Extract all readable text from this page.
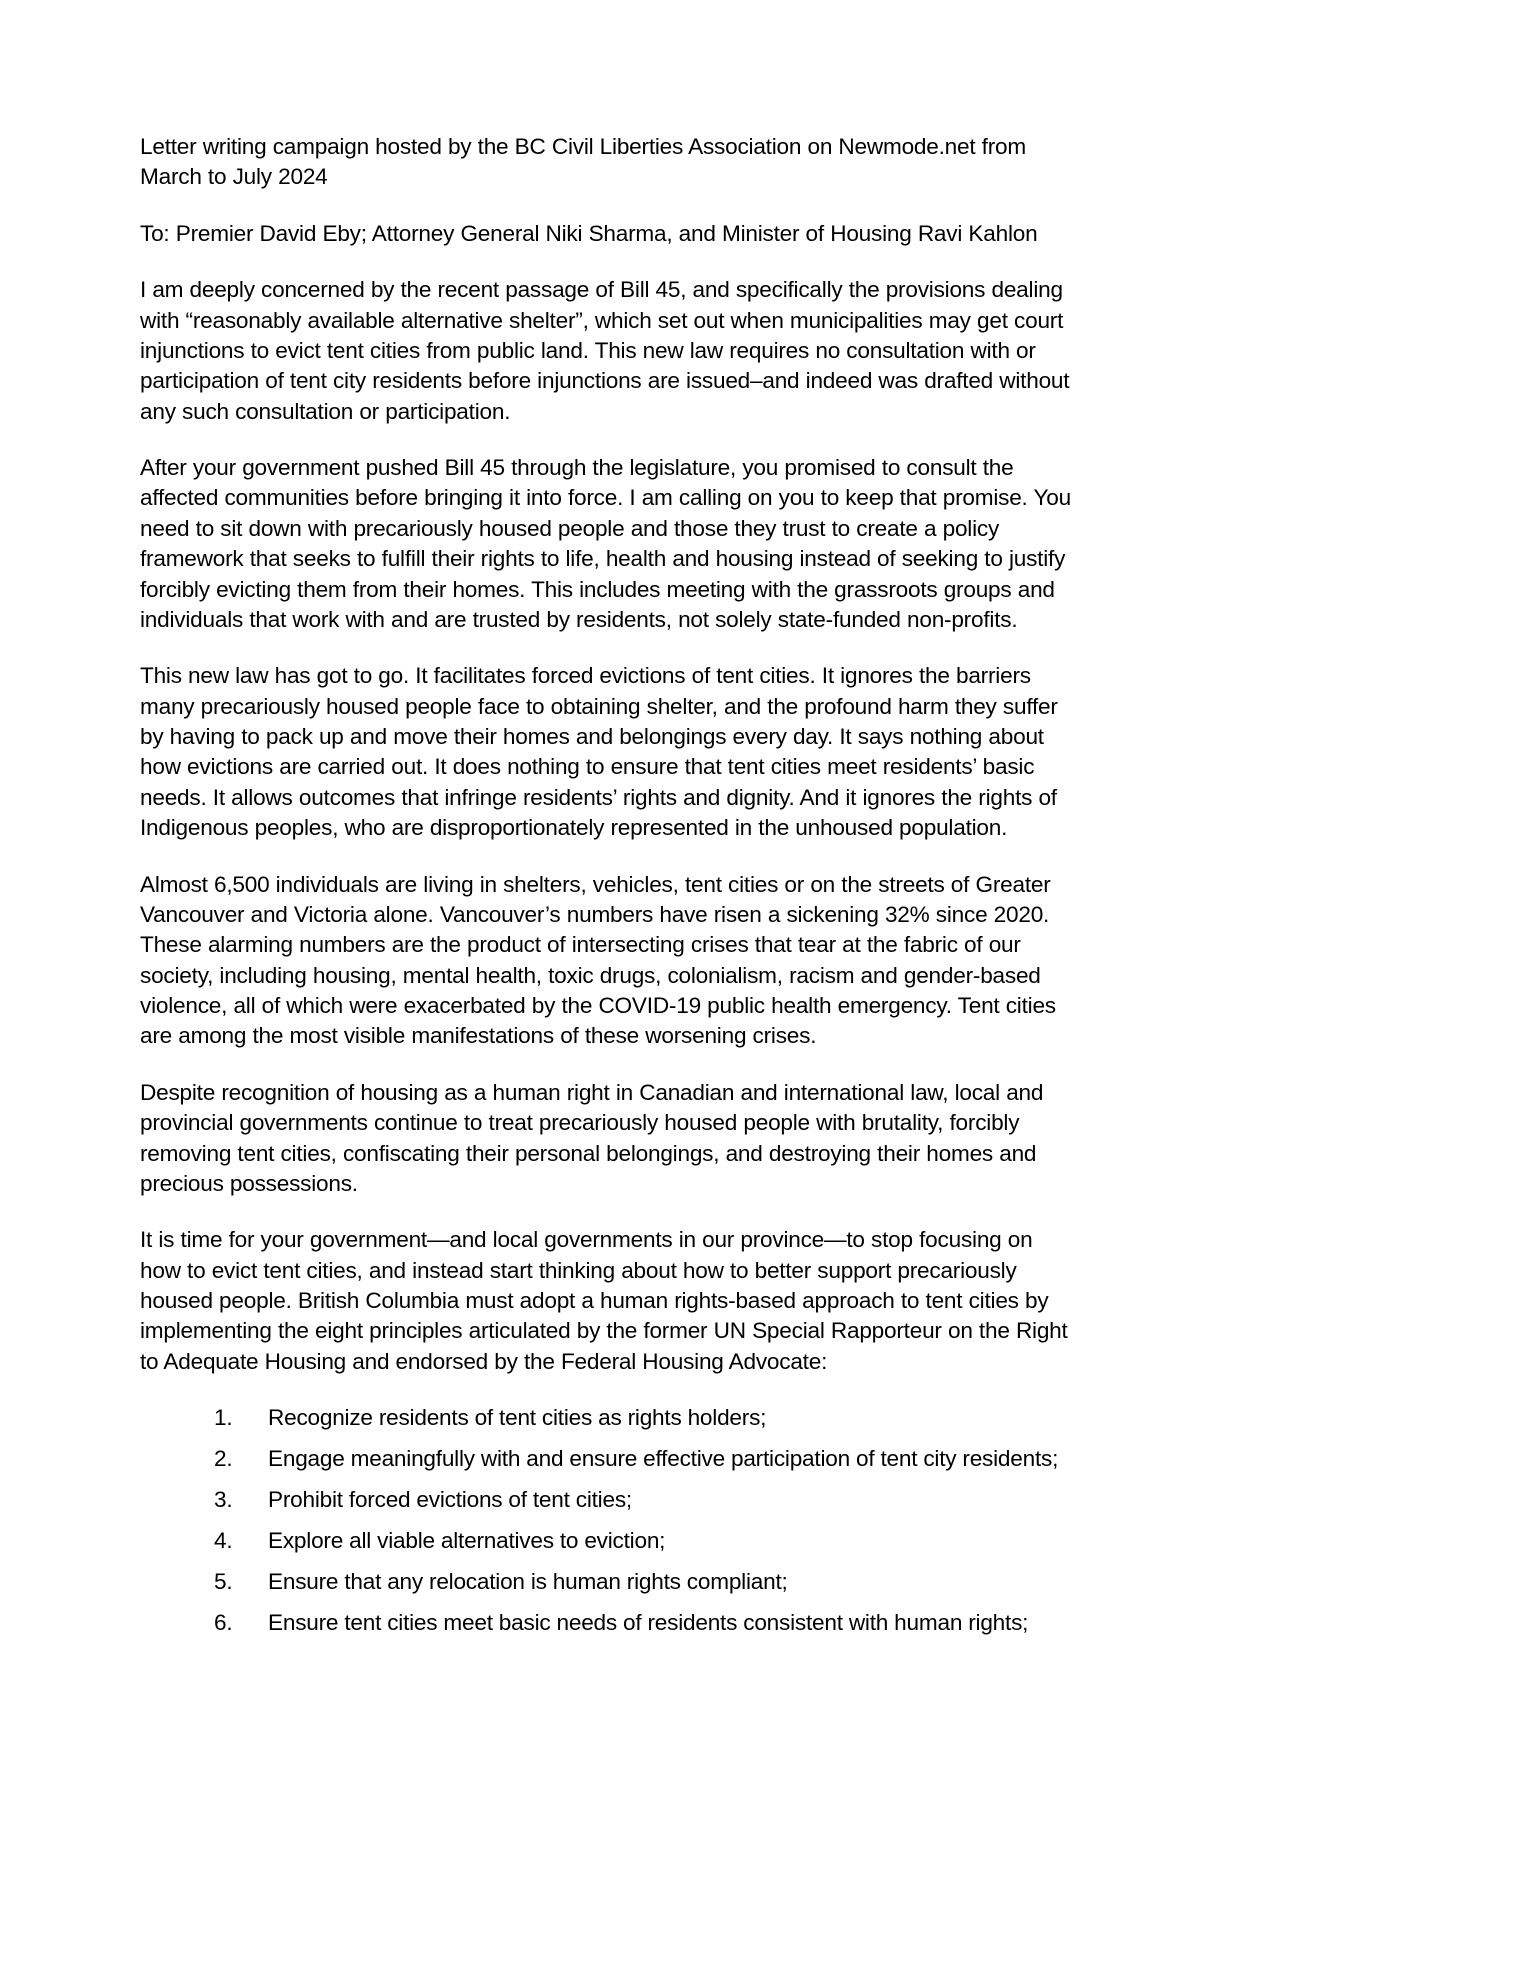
Letter writing campaign hosted by the BC Civil Liberties Association on Newmode.net from March to July 2024

To: Premier David Eby; Attorney General Niki Sharma, and Minister of Housing Ravi Kahlon

I am deeply concerned by the recent passage of Bill 45, and specifically the provisions dealing with “reasonably available alternative shelter”, which set out when municipalities may get court injunctions to evict tent cities from public land. This new law requires no consultation with or participation of tent city residents before injunctions are issued–and indeed was drafted without any such consultation or participation.

After your government pushed Bill 45 through the legislature, you promised to consult the affected communities before bringing it into force. I am calling on you to keep that promise. You need to sit down with precariously housed people and those they trust to create a policy framework that seeks to fulfill their rights to life, health and housing instead of seeking to justify forcibly evicting them from their homes. This includes meeting with the grassroots groups and individuals that work with and are trusted by residents, not solely state-funded non-profits.

This new law has got to go. It facilitates forced evictions of tent cities. It ignores the barriers many precariously housed people face to obtaining shelter, and the profound harm they suffer by having to pack up and move their homes and belongings every day. It says nothing about how evictions are carried out. It does nothing to ensure that tent cities meet residents’ basic needs. It allows outcomes that infringe residents’ rights and dignity. And it ignores the rights of Indigenous peoples, who are disproportionately represented in the unhoused population.

Almost 6,500 individuals are living in shelters, vehicles, tent cities or on the streets of Greater Vancouver and Victoria alone. Vancouver’s numbers have risen a sickening 32% since 2020. These alarming numbers are the product of intersecting crises that tear at the fabric of our society, including housing, mental health, toxic drugs, colonialism, racism and gender-based violence, all of which were exacerbated by the COVID-19 public health emergency. Tent cities are among the most visible manifestations of these worsening crises.

Despite recognition of housing as a human right in Canadian and international law, local and provincial governments continue to treat precariously housed people with brutality, forcibly removing tent cities, confiscating their personal belongings, and destroying their homes and precious possessions.

It is time for your government—and local governments in our province—to stop focusing on how to evict tent cities, and instead start thinking about how to better support precariously housed people. British Columbia must adopt a human rights-based approach to tent cities by implementing the eight principles articulated by the former UN Special Rapporteur on the Right to Adequate Housing and endorsed by the Federal Housing Advocate:

Recognize residents of tent cities as rights holders;
Engage meaningfully with and ensure effective participation of tent city residents;
Prohibit forced evictions of tent cities;
Explore all viable alternatives to eviction;
Ensure that any relocation is human rights compliant;
Ensure tent cities meet basic needs of residents consistent with human rights;
